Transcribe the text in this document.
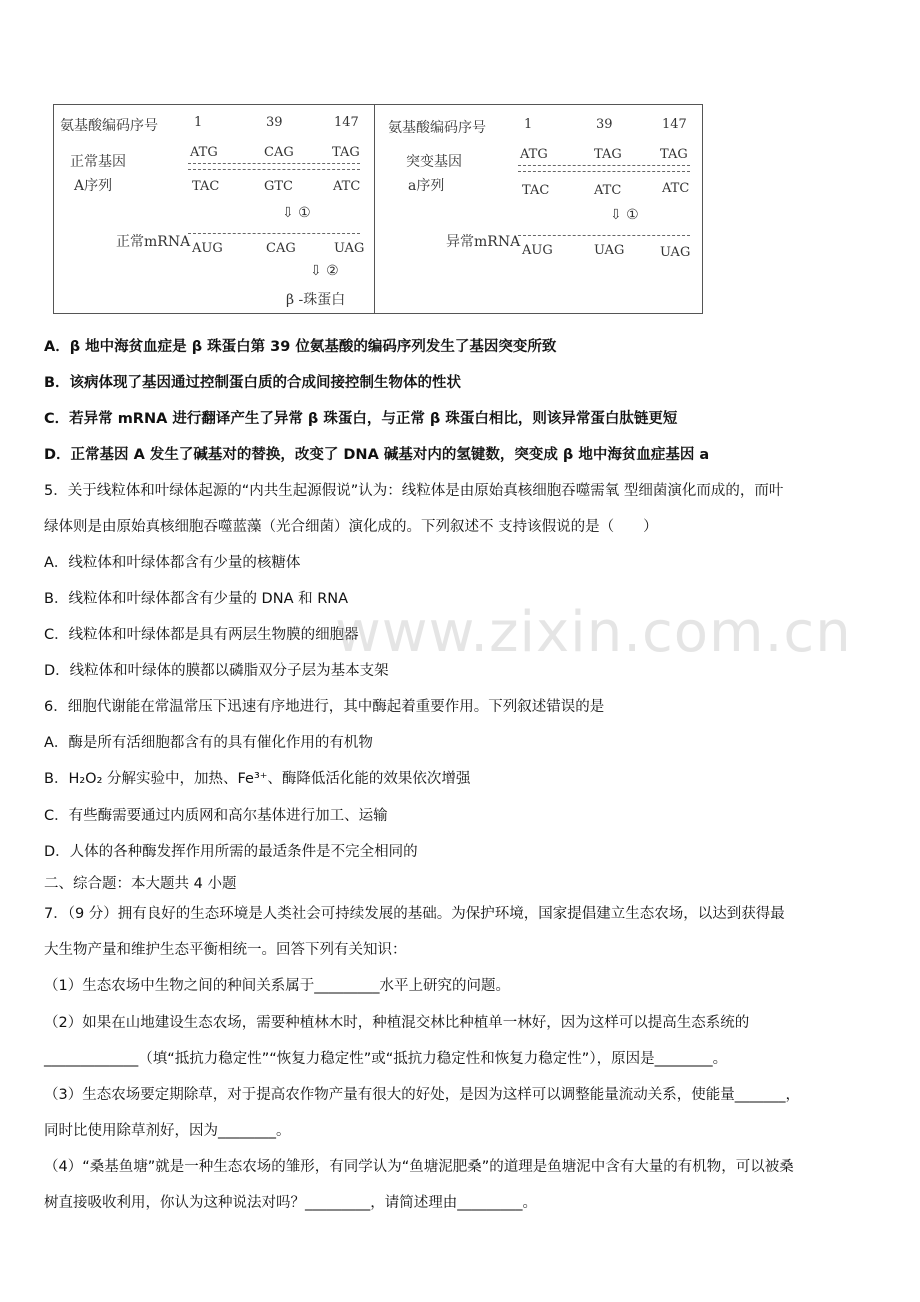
氨基酸编码序号	1	39	147
正常基因
A序列
ATG	CAG	TAG
TAC	GTC	ATC
⇩ ①
正常mRNA AUG	CAG	UAG
⇩ ②
β -珠蛋白
氨基酸编码序号	1	39	147
突变基因
a序列
ATG	TAG	TAG
TAC	ATC	ATC
⇩ ①
异常mRNA
AUG	UAG	UAG
A．β 地中海贫血症是 β 珠蛋白第 39 位氨基酸的编码序列发生了基因突变所致
B．该病体现了基因通过控制蛋白质的合成间接控制生物体的性状
C．若异常 mRNA 进行翻译产生了异常 β 珠蛋白，与正常 β 珠蛋白相比，则该异常蛋白肽链更短
D．正常基因 A 发生了碱基对的替换，改变了 DNA 碱基对内的氢键数，突变成 β 地中海贫血症基因 a
5．关于线粒体和叶绿体起源的“内共生起源假说”认为：线粒体是由原始真核细胞吞噬需氧 型细菌演化而成的，而叶
绿体则是由原始真核细胞吞噬蓝藻（光合细菌）演化成的。下列叙述不 支持该假说的是（　　）
A．线粒体和叶绿体都含有少量的核糖体
B．线粒体和叶绿体都含有少量的 DNA 和 RNA
C．线粒体和叶绿体都是具有两层生物膜的细胞器
D．线粒体和叶绿体的膜都以磷脂双分子层为基本支架
6．细胞代谢能在常温常压下迅速有序地进行，其中酶起着重要作用。下列叙述错误的是
A．酶是所有活细胞都含有的具有催化作用的有机物
B．H₂O₂ 分解实验中，加热、Fe³⁺、酶降低活化能的效果依次增强
C．有些酶需要通过内质网和高尔基体进行加工、运输
D．人体的各种酶发挥作用所需的最适条件是不完全相同的
二、综合题：本大题共 4 小题
7．（9 分）拥有良好的生态环境是人类社会可持续发展的基础。为保护环境，国家提倡建立生态农场，以达到获得最
大生物产量和维护生态平衡相统一。回答下列有关知识：
（1）生态农场中生物之间的种间关系属于_________水平上研究的问题。
（2）如果在山地建设生态农场，需要种植林木时，种植混交林比种植单一林好，因为这样可以提高生态系统的
_____________（填“抵抗力稳定性”“恢复力稳定性”或“抵抗力稳定性和恢复力稳定性”），原因是________。
（3）生态农场要定期除草，对于提高农作物产量有很大的好处，是因为这样可以调整能量流动关系，使能量_______，
同时比使用除草剂好，因为________。
（4）“桑基鱼塘”就是一种生态农场的雏形，有同学认为“鱼塘泥肥桑”的道理是鱼塘泥中含有大量的有机物，可以被桑
树直接吸收利用，你认为这种说法对吗？_________，请简述理由_________。
www.zixin.com.cn
